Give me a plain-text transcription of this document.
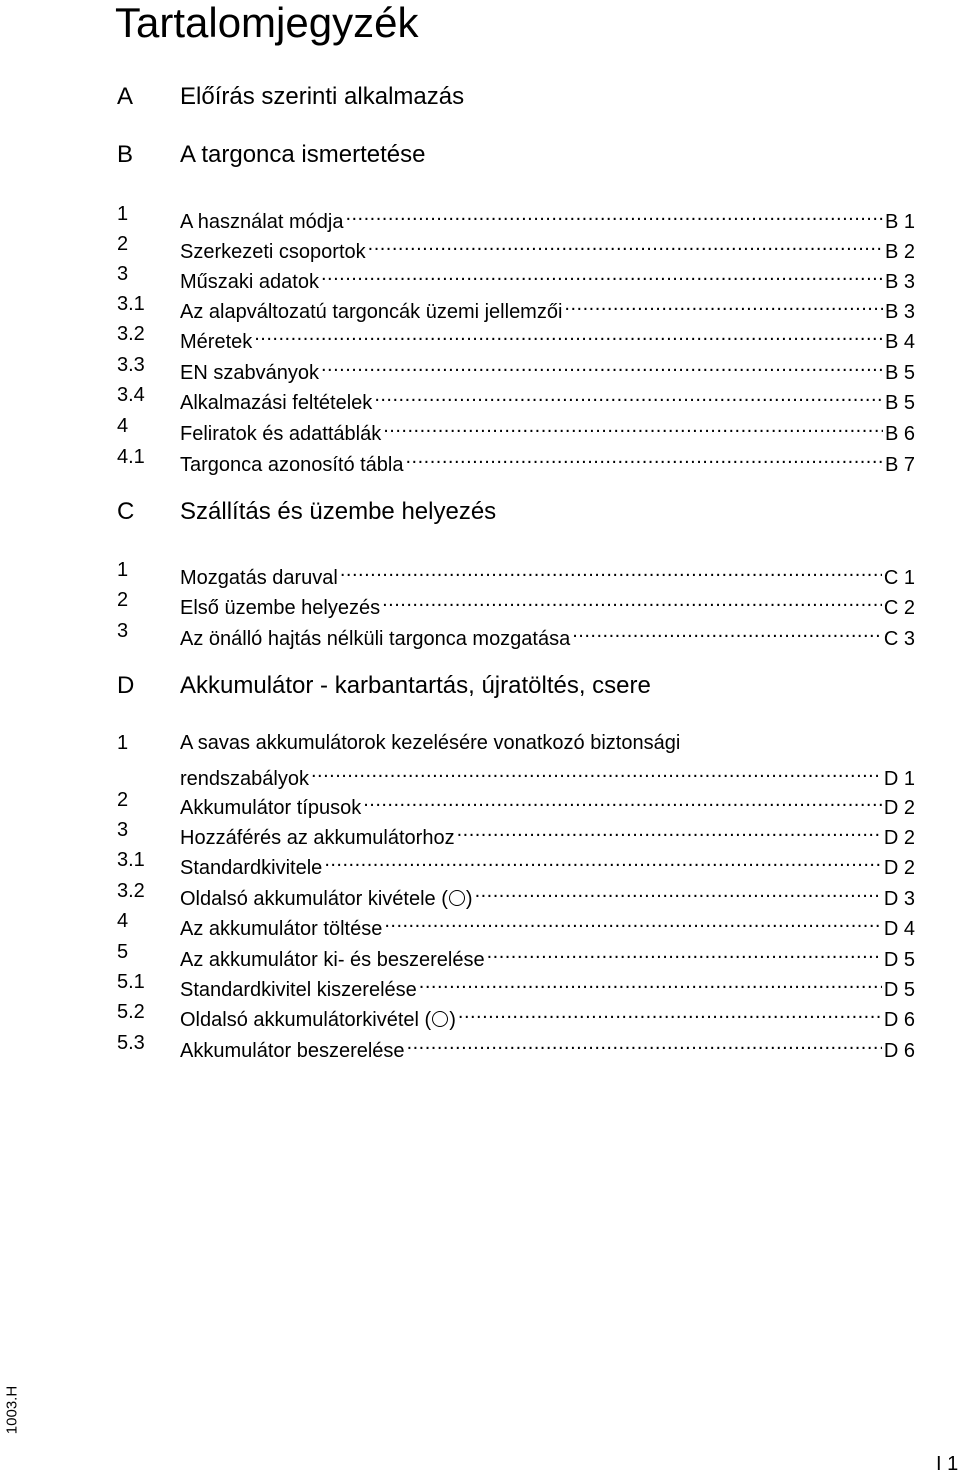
Tartalomjegyzék
A Előírás szerinti alkalmazás
B A targonca ismertetése
1	A használat módja .....	B 1
2	Szerkezeti csoportok .....	B 2
3	Műszaki adatok .....	B 3
3.1 Az alapváltozatú targoncák üzemi jellemzői .....	B 3
3.2 Méretek .....	B 4
3.3 EN szabványok .....	B 5
3.4 Alkalmazási feltételek .....	B 5
4	Feliratok és adattáblák .....	B 6
4.1 Targonca azonosító tábla .....	B 7
C Szállítás és üzembe helyezés
1	Mozgatás daruval .....	C 1
2	Első üzembe helyezés .....	C 2
3	Az önálló hajtás nélküli targonca mozgatása .....	C 3
D Akkumulátor - karbantartás, újratöltés, csere
1	A savas akkumulátorok kezelésére vonatkozó biztonsági
rendszabályok .....	D 1
2	Akkumulátor típusok .....	D 2
3	Hozzáférés az akkumulátorhoz .....	D 2
3.1 Standardkivitele .....	D 2
3.2 Oldalsó akkumulátor kivétele ( ) .....	D 3
4	Az akkumulátor töltése .....	D 4
5	Az akkumulátor ki- és beszerelése .....	D 5
5.1 Standardkivitel kiszerelése .....	D 5
5.2 Oldalsó akkumulátorkivétel ( ) .....	D 6
5.3 Akkumulátor beszerelése .....	D 6
1003.H
I 1
